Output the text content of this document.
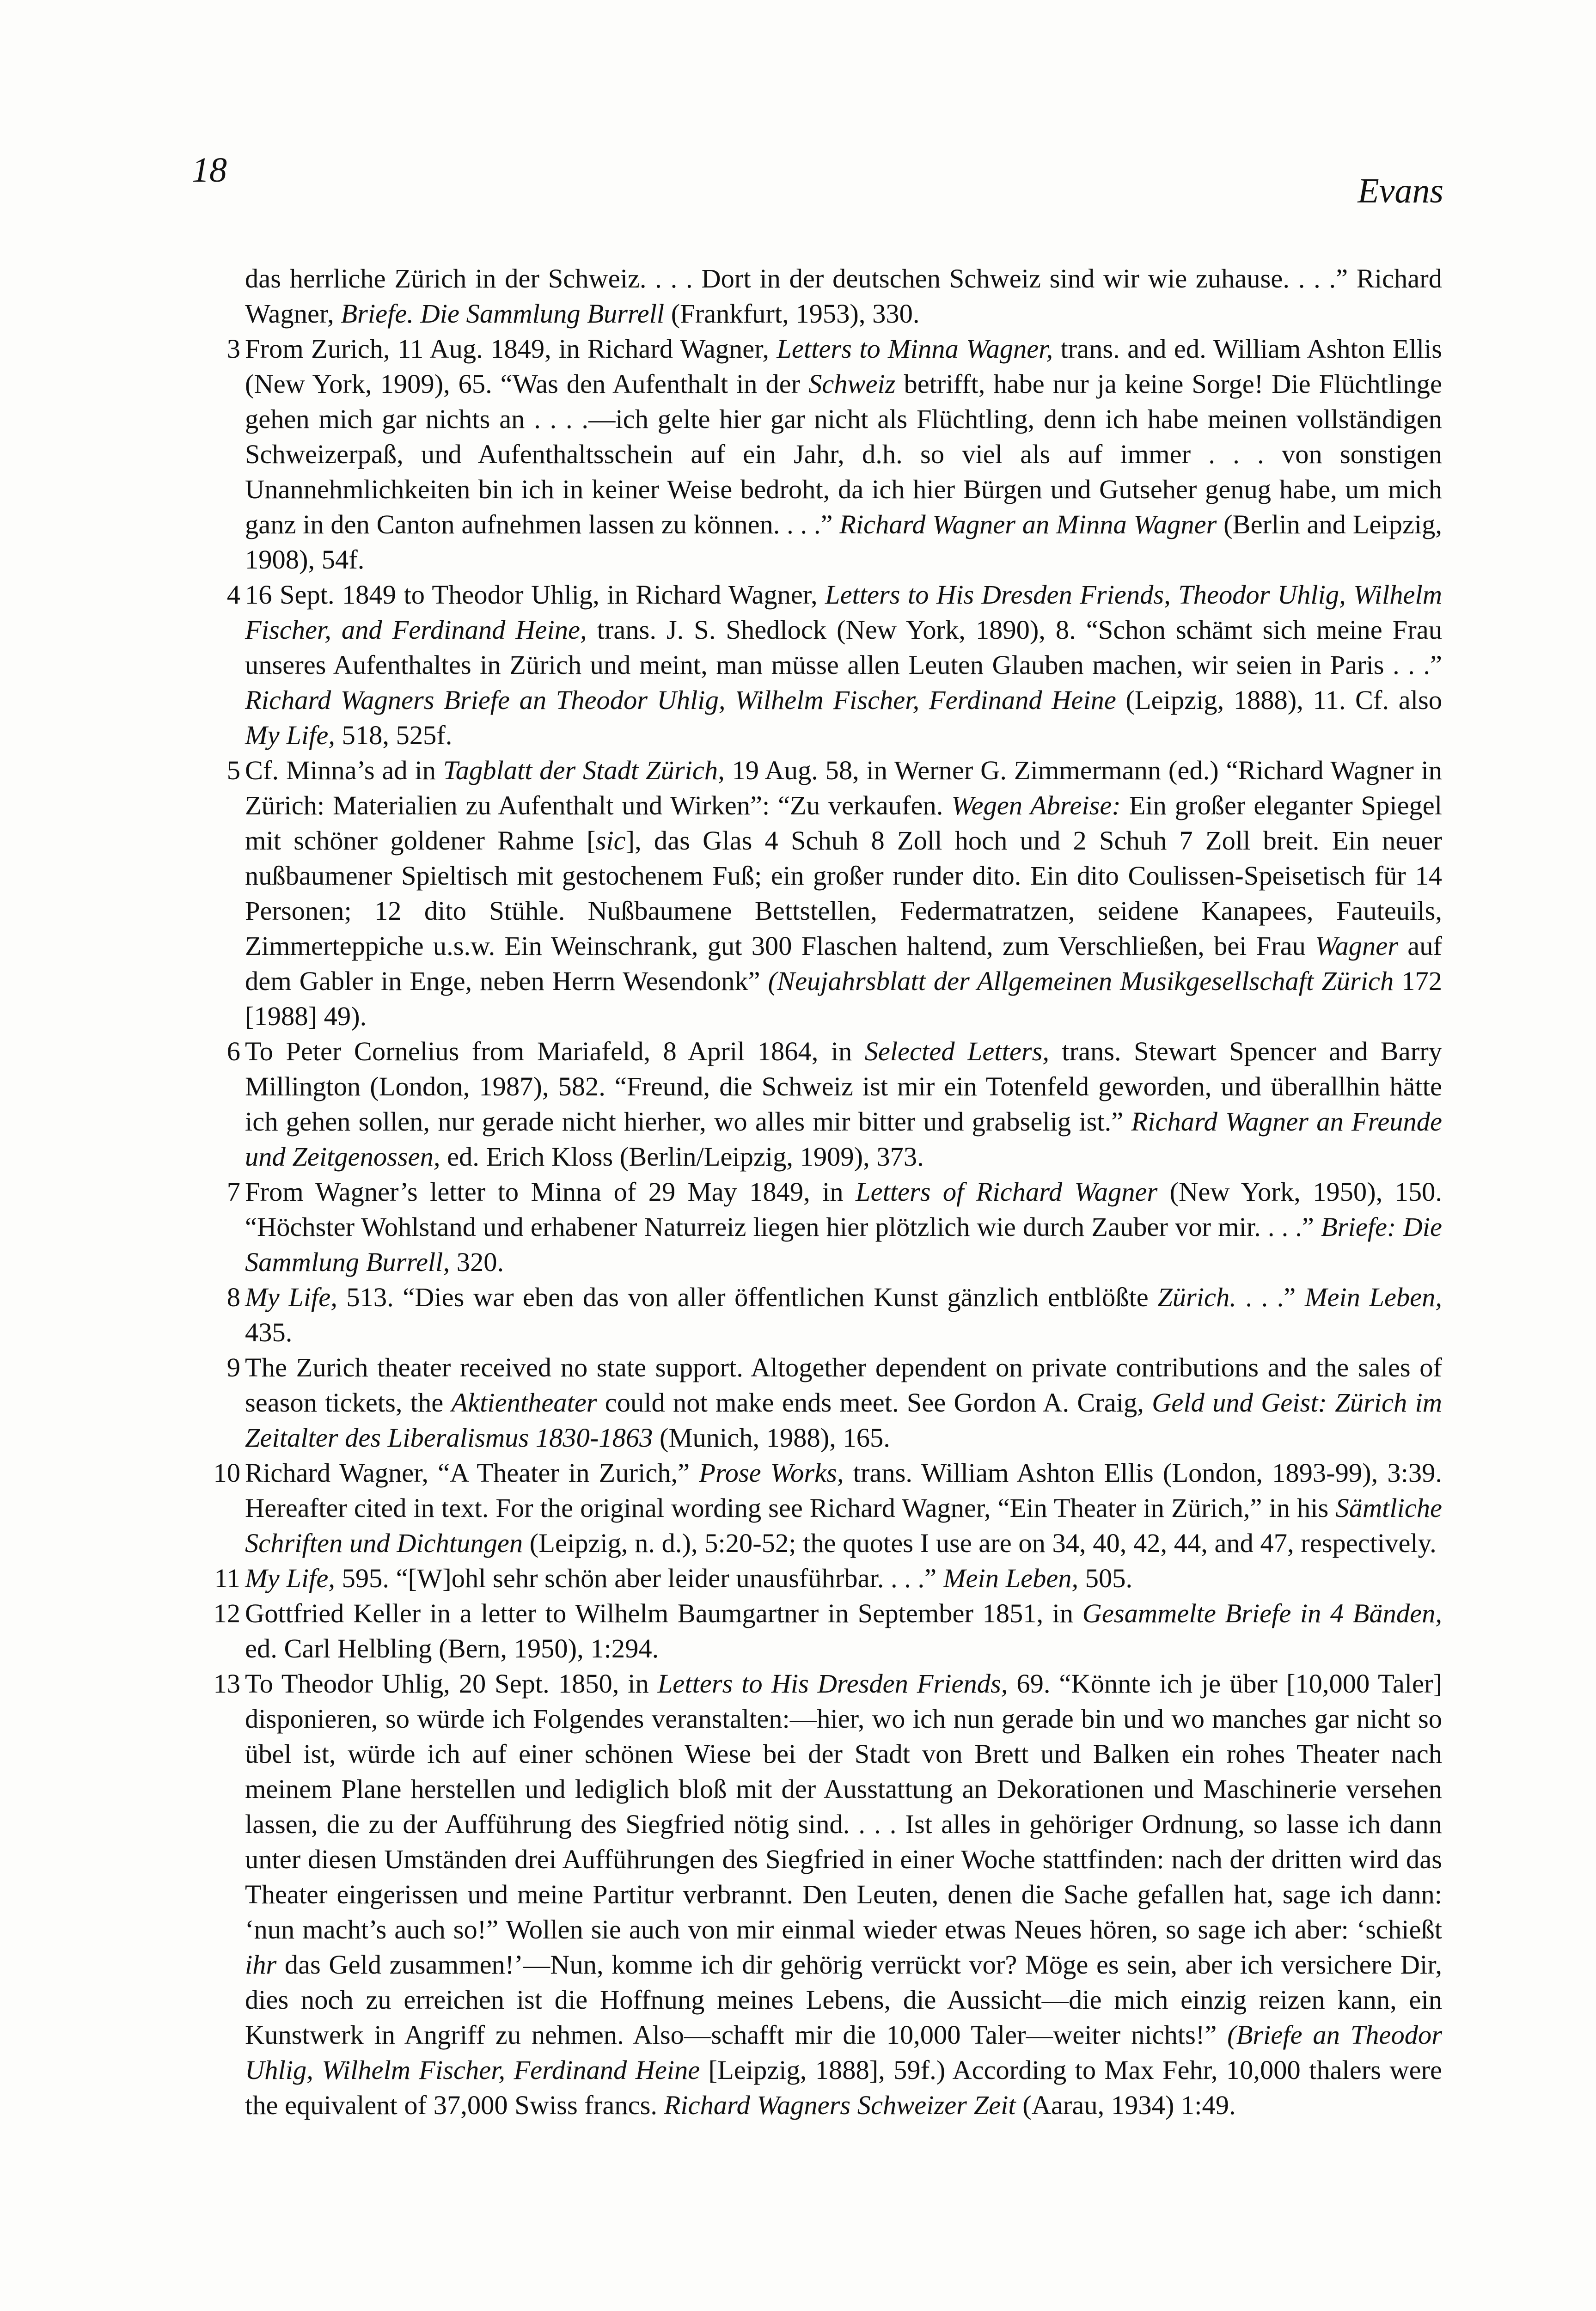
18
Evans
das herrliche Zürich in der Schweiz. . . . Dort in der deutschen Schweiz sind wir wie zuhause. . . .” Richard Wagner, Briefe. Die Sammlung Burrell (Frankfurt, 1953), 330.
3 From Zurich, 11 Aug. 1849, in Richard Wagner, Letters to Minna Wagner, trans. and ed. William Ashton Ellis (New York, 1909), 65. “Was den Aufenthalt in der Schweiz betrifft, habe nur ja keine Sorge! Die Flüchtlinge gehen mich gar nichts an . . . .—ich gelte hier gar nicht als Flüchtling, denn ich habe meinen vollständigen Schweizerpaß, und Aufenthaltsschein auf ein Jahr, d.h. so viel als auf immer . . . von sonstigen Unannehmlichkeiten bin ich in keiner Weise bedroht, da ich hier Bürgen und Gutseher genug habe, um mich ganz in den Canton aufnehmen lassen zu können. . . .” Richard Wagner an Minna Wagner (Berlin and Leipzig, 1908), 54f.
4 16 Sept. 1849 to Theodor Uhlig, in Richard Wagner, Letters to His Dresden Friends, Theodor Uhlig, Wilhelm Fischer, and Ferdinand Heine, trans. J. S. Shedlock (New York, 1890), 8. “Schon schämt sich meine Frau unseres Aufenthaltes in Zürich und meint, man müsse allen Leuten Glauben machen, wir seien in Paris . . .” Richard Wagners Briefe an Theodor Uhlig, Wilhelm Fischer, Ferdinand Heine (Leipzig, 1888), 11. Cf. also My Life, 518, 525f.
5 Cf. Minna’s ad in Tagblatt der Stadt Zürich, 19 Aug. 58, in Werner G. Zimmermann (ed.) “Richard Wagner in Zürich: Materialien zu Aufenthalt und Wirken”: “Zu verkaufen. Wegen Abreise: Ein großer eleganter Spiegel mit schöner goldener Rahme [sic], das Glas 4 Schuh 8 Zoll hoch und 2 Schuh 7 Zoll breit. Ein neuer nußbaumener Spieltisch mit gestochenem Fuß; ein großer runder dito. Ein dito Coulissen-Speisetisch für 14 Personen; 12 dito Stühle. Nußbaumene Bettstellen, Federmatratzen, seidene Kanapees, Fauteuils, Zimmerteppiche u.s.w. Ein Weinschrank, gut 300 Flaschen haltend, zum Verschließen, bei Frau Wagner auf dem Gabler in Enge, neben Herrn Wesendonk” (Neujahrsblatt der Allgemeinen Musikgesellschaft Zürich 172 [1988] 49).
6 To Peter Cornelius from Mariafeld, 8 April 1864, in Selected Letters, trans. Stewart Spencer and Barry Millington (London, 1987), 582. “Freund, die Schweiz ist mir ein Totenfeld geworden, und überallhin hätte ich gehen sollen, nur gerade nicht hierher, wo alles mir bitter und grabselig ist.” Richard Wagner an Freunde und Zeitgenossen, ed. Erich Kloss (Berlin/Leipzig, 1909), 373.
7 From Wagner’s letter to Minna of 29 May 1849, in Letters of Richard Wagner (New York, 1950), 150. “Höchster Wohlstand und erhabener Naturreiz liegen hier plötzlich wie durch Zauber vor mir. . . .” Briefe: Die Sammlung Burrell, 320.
8 My Life, 513. “Dies war eben das von aller öffentlichen Kunst gänzlich entblößte Zürich. . . .” Mein Leben, 435.
9 The Zurich theater received no state support. Altogether dependent on private contributions and the sales of season tickets, the Aktientheater could not make ends meet. See Gordon A. Craig, Geld und Geist: Zürich im Zeitalter des Liberalismus 1830-1863 (Munich, 1988), 165.
10 Richard Wagner, “A Theater in Zurich,” Prose Works, trans. William Ashton Ellis (London, 1893-99), 3:39. Hereafter cited in text. For the original wording see Richard Wagner, “Ein Theater in Zürich,” in his Sämtliche Schriften und Dichtungen (Leipzig, n. d.), 5:20-52; the quotes I use are on 34, 40, 42, 44, and 47, respectively.
11 My Life, 595. “[W]ohl sehr schön aber leider unausführbar. . . .” Mein Leben, 505.
12 Gottfried Keller in a letter to Wilhelm Baumgartner in September 1851, in Gesammelte Briefe in 4 Bänden, ed. Carl Helbling (Bern, 1950), 1:294.
13 To Theodor Uhlig, 20 Sept. 1850, in Letters to His Dresden Friends, 69. “Könnte ich je über [10,000 Taler] disponieren, so würde ich Folgendes veranstalten:—hier, wo ich nun gerade bin und wo manches gar nicht so übel ist, würde ich auf einer schönen Wiese bei der Stadt von Brett und Balken ein rohes Theater nach meinem Plane herstellen und lediglich bloß mit der Ausstattung an Dekorationen und Maschinerie versehen lassen, die zu der Aufführung des Siegfried nötig sind. . . . Ist alles in gehöriger Ordnung, so lasse ich dann unter diesen Umständen drei Aufführungen des Siegfried in einer Woche stattfinden: nach der dritten wird das Theater eingerissen und meine Partitur verbrannt. Den Leuten, denen die Sache gefallen hat, sage ich dann: ‘nun macht’s auch so!” Wollen sie auch von mir einmal wieder etwas Neues hören, so sage ich aber: ‘schießt ihr das Geld zusammen!’—Nun, komme ich dir gehörig verrückt vor? Möge es sein, aber ich versichere Dir, dies noch zu erreichen ist die Hoffnung meines Lebens, die Aussicht—die mich einzig reizen kann, ein Kunstwerk in Angriff zu nehmen. Also—schafft mir die 10,000 Taler—weiter nichts!” (Briefe an Theodor Uhlig, Wilhelm Fischer, Ferdinand Heine [Leipzig, 1888], 59f.) According to Max Fehr, 10,000 thalers were the equivalent of 37,000 Swiss francs. Richard Wagners Schweizer Zeit (Aarau, 1934) 1:49.
